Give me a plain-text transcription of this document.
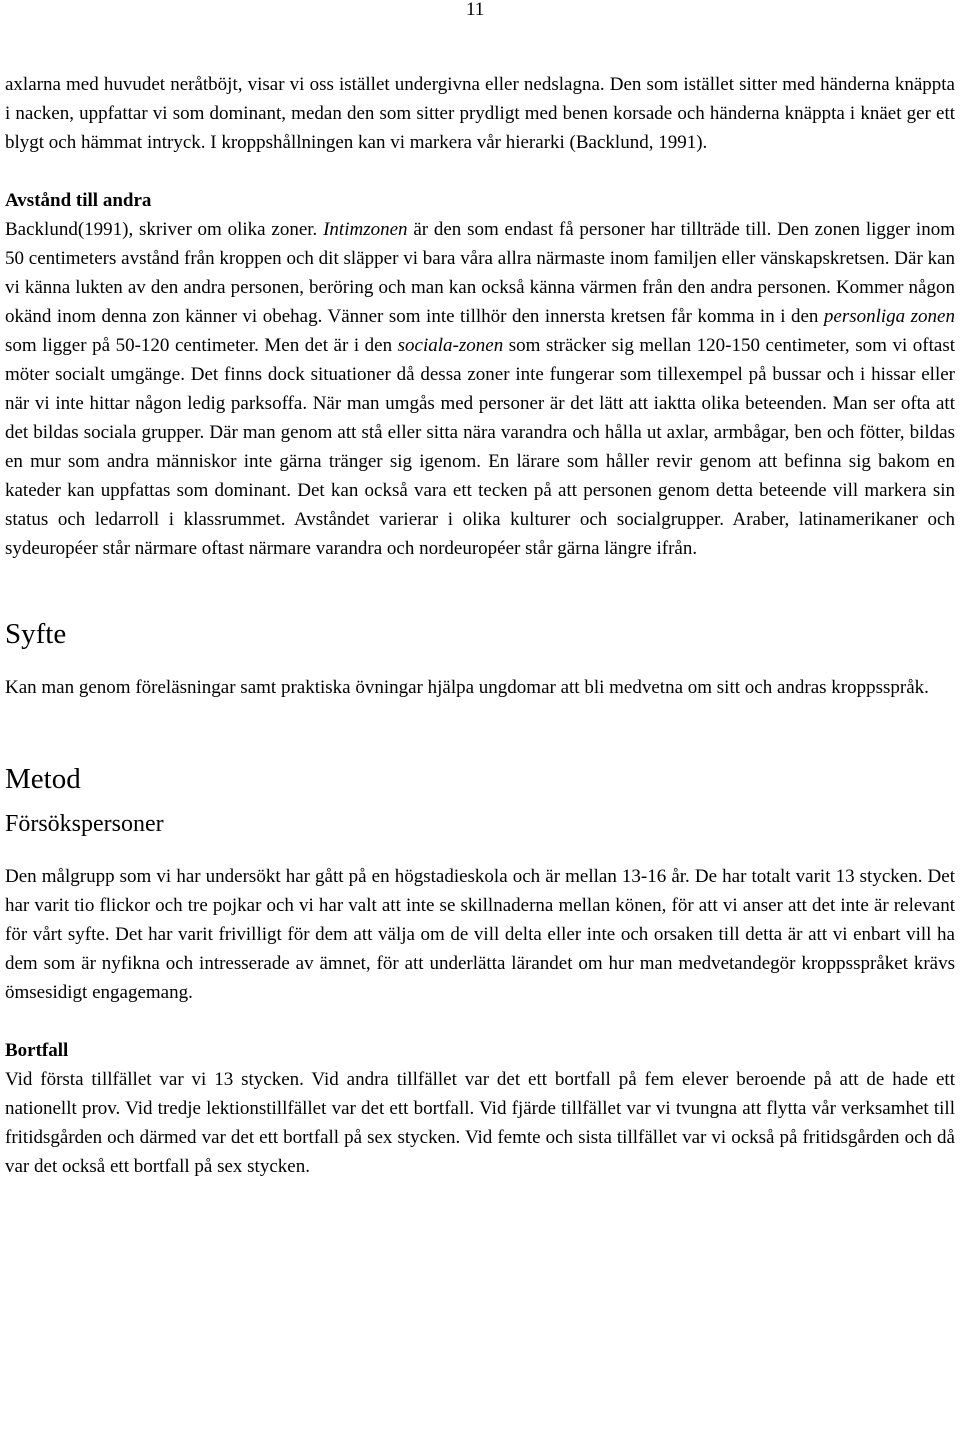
11

axlarna med huvudet neråtböjt, visar vi oss istället undergivna eller nedslagna. Den som istället sitter med händerna knäppta i nacken, uppfattar vi som dominant, medan den som sitter prydligt med benen korsade och händerna knäppta i knäet ger ett blygt och hämmat intryck. I kroppshållningen kan vi markera vår hierarki (Backlund, 1991).

Avstånd till andra

Backlund(1991), skriver om olika zoner. Intimzonen är den som endast få personer har tillträde till. Den zonen ligger inom 50 centimeters avstånd från kroppen och dit släpper vi bara våra allra närmaste inom familjen eller vänskapskretsen. Där kan vi känna lukten av den andra personen, beröring och man kan också känna värmen från den andra personen. Kommer någon okänd inom denna zon känner vi obehag. Vänner som inte tillhör den innersta kretsen får komma in i den personliga zonen som ligger på 50-120 centimeter. Men det är i den sociala-zonen som sträcker sig mellan 120-150 centimeter, som vi oftast möter socialt umgänge. Det finns dock situationer då dessa zoner inte fungerar som tillexempel på bussar och i hissar eller när vi inte hittar någon ledig parksoffa. När man umgås med personer är det lätt att iaktta olika beteenden. Man ser ofta att det bildas sociala grupper. Där man genom att stå eller sitta nära varandra och hålla ut axlar, armbågar, ben och fötter, bildas en mur som andra människor inte gärna tränger sig igenom. En lärare som håller revir genom att befinna sig bakom en kateder kan uppfattas som dominant. Det kan också vara ett tecken på att personen genom detta beteende vill markera sin status och ledarroll i klassrummet. Avståndet varierar i olika kulturer och socialgrupper. Araber, latinamerikaner och sydeuropéer står närmare oftast närmare varandra och nordeuropéer står gärna längre ifrån.

Syfte

Kan man genom föreläsningar samt praktiska övningar hjälpa ungdomar att bli medvetna om sitt och andras kroppsspråk.

Metod
Försökspersoner

Den målgrupp som vi har undersökt har gått på en högstadieskola och är mellan 13-16 år. De har totalt varit 13 stycken. Det har varit tio flickor och tre pojkar och vi har valt att inte se skillnaderna mellan könen, för att vi anser att det inte är relevant för vårt syfte. Det har varit frivilligt för dem att välja om de vill delta eller inte och orsaken till detta är att vi enbart vill ha dem som är nyfikna och intresserade av ämnet, för att underlätta lärandet om hur man medvetandegör kroppsspråket krävs ömsesidigt engagemang.

Bortfall

Vid första tillfället var vi 13 stycken. Vid andra tillfället var det ett bortfall på fem elever beroende på att de hade ett nationellt prov. Vid tredje lektionstillfället var det ett bortfall. Vid fjärde tillfället var vi tvungna att flytta vår verksamhet till fritidsgården och därmed var det ett bortfall på sex stycken. Vid femte och sista tillfället var vi också på fritidsgården och då var det också ett bortfall på sex stycken.
